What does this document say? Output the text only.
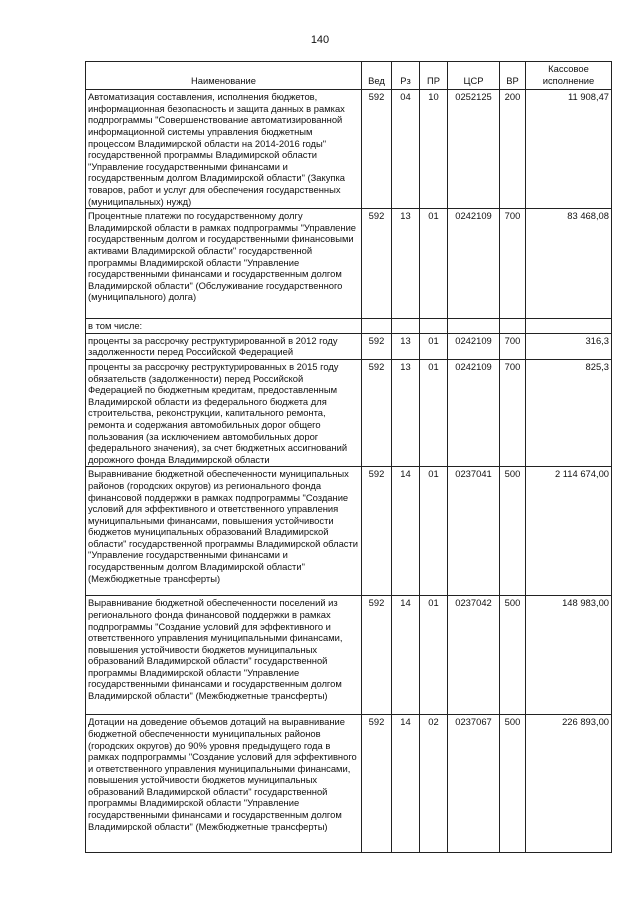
140
Наименование	Вед	Рз	ПР	ЦСР	ВР	Кассовое исполнение
Автоматизация составления, исполнения бюджетов, информационная безопасность и защита данных в рамках подпрограммы "Совершенствование автоматизированной информационной системы управления бюджетным процессом Владимирской области на 2014-2016 годы" государственной программы Владимирской области "Управление государственными финансами и государственным долгом Владимирской области" (Закупка товаров, работ и услуг для обеспечения государственных (муниципальных) нужд)	592	04	10	0252125	200	11 908,47
Процентные платежи по государственному долгу Владимирской области в рамках подпрограммы "Управление государственным долгом и государственными финансовыми активами Владимирской области" государственной программы Владимирской области "Управление государственными финансами и государственным долгом Владимирской области" (Обслуживание государственного (муниципального) долга)	592	13	01	0242109	700	83 468,08
в том числе:						
проценты за рассрочку реструктурированной в 2012 году задолженности перед Российской Федерацией	592	13	01	0242109	700	316,3
проценты за рассрочку реструктурированных в 2015 году обязательств (задолженности) перед Российской Федерацией по бюджетным кредитам, предоставленным Владимирской области из федерального бюджета для строительства, реконструкции, капитального ремонта, ремонта и содержания автомобильных дорог общего пользования (за исключением автомобильных дорог федерального значения), за счет бюджетных ассигнований дорожного фонда Владимирской области	592	13	01	0242109	700	825,3
Выравнивание бюджетной обеспеченности муниципальных районов (городских округов) из регионального фонда финансовой поддержки в рамках подпрограммы "Создание условий для эффективного и ответственного управления муниципальными финансами, повышения устойчивости бюджетов муниципальных образований Владимирской области" государственной программы Владимирской области "Управление государственными финансами и государственным долгом Владимирской области" (Межбюджетные трансферты)	592	14	01	0237041	500	2 114 674,00
Выравнивание бюджетной обеспеченности поселений из регионального фонда финансовой поддержки в рамках подпрограммы "Создание условий для эффективного и ответственного управления муниципальными финансами, повышения устойчивости бюджетов муниципальных образований Владимирской области" государственной программы Владимирской области "Управление государственными финансами и государственным долгом Владимирской области" (Межбюджетные трансферты)	592	14	01	0237042	500	148 983,00
Дотации на доведение объемов дотаций на выравнивание бюджетной обеспеченности муниципальных районов (городских округов) до 90% уровня предыдущего года в рамках подпрограммы "Создание условий для эффективного и ответственного управления муниципальными финансами, повышения устойчивости бюджетов муниципальных образований Владимирской области" государственной программы Владимирской области "Управление государственными финансами и государственным долгом Владимирской области" (Межбюджетные трансферты)	592	14	02	0237067	500	226 893,00
